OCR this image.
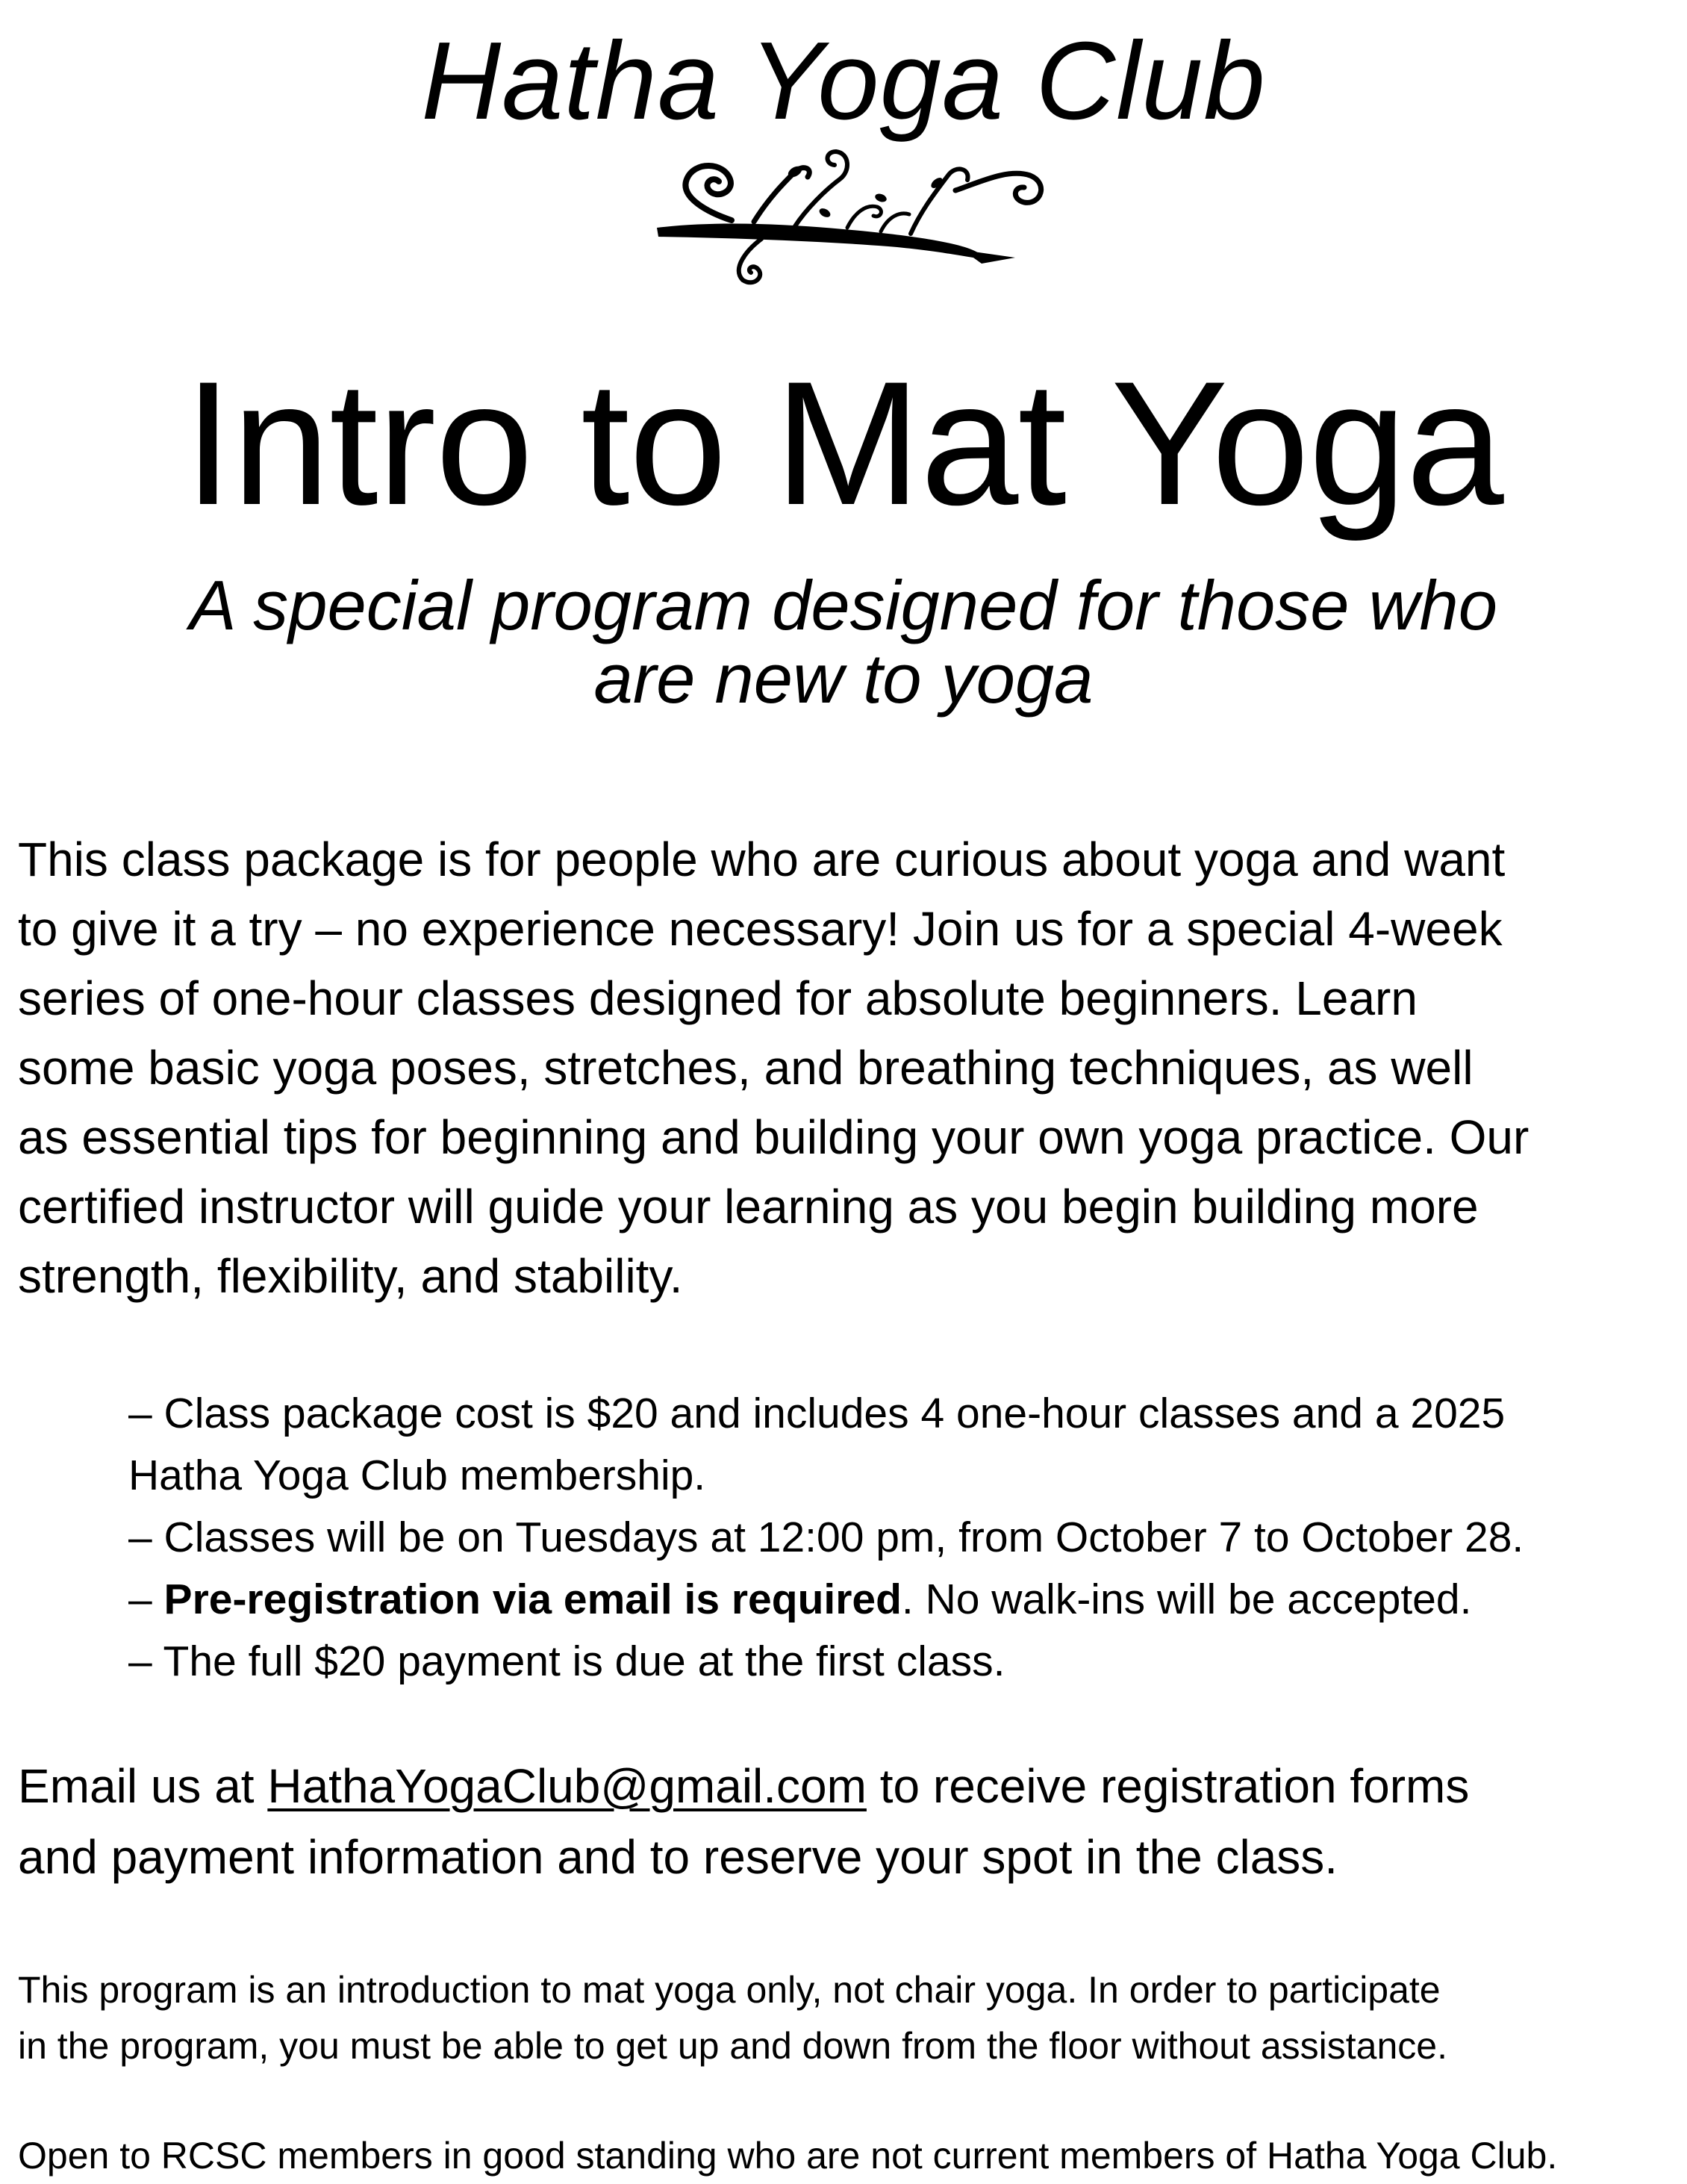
Hatha Yoga Club
Intro to Mat Yoga
A special program designed for those who
are new to yoga
This class package is for people who are curious about yoga and want
to give it a try – no experience necessary! Join us for a special 4-week
series of one-hour classes designed for absolute beginners. Learn
some basic yoga poses, stretches, and breathing techniques, as well
as essential tips for beginning and building your own yoga practice. Our
certified instructor will guide your learning as you begin building more
strength, flexibility, and stability.
– Class package cost is $20 and includes 4 one-hour classes and a 2025
Hatha Yoga Club membership.
– Classes will be on Tuesdays at 12:00 pm, from October 7 to October 28.
– Pre-registration via email is required. No walk-ins will be accepted.
– The full $20 payment is due at the first class.
Email us at HathaYogaClub@gmail.com to receive registration forms
and payment information and to reserve your spot in the class.
This program is an introduction to mat yoga only, not chair yoga. In order to participate
in the program, you must be able to get up and down from the floor without assistance.
Open to RCSC members in good standing who are not current members of Hatha Yoga Club.
